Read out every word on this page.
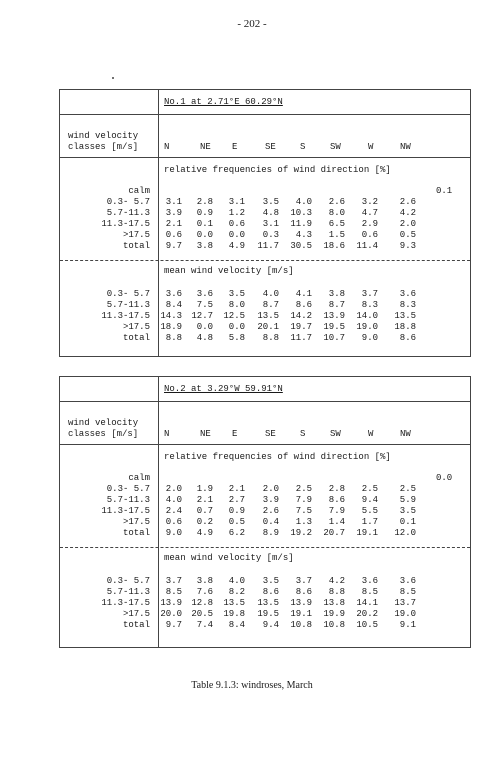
- 202 -
No.1 at 2.71°E 60.29°N
wind velocity
classes [m/s]	N	NE E	SE	S	SW	W	NW
relative frequencies of wind direction [%]
calm	0.1
0.3- 5.7	3.1	2.8	3.1	3.5	4.0	2.6	3.2	2.6
5.7-11.3	3.9	0.9	1.2	4.8	10.3	8.0	4.7	4.2
11.3-17.5	2.1	0.1	0.6	3.1	11.9	6.5	2.9	2.0
>17.5	0.6	0.0	0.0	0.3	4.3	1.5	0.6	0.5
total	9.7	3.8	4.9	11.7	30.5	18.6	11.4	9.3
mean wind velocity [m/s]
0.3- 5.7	3.6	3.6	3.5	4.0	4.1	3.8	3.7	3.6
5.7-11.3	8.4	7.5	8.0	8.7	8.6	8.7	8.3	8.3
11.3-17.5	14.3	12.7	12.5	13.5	14.2	13.9	14.0	13.5
>17.5	18.9	0.0	0.0	20.1	19.7	19.5	19.0	18.8
total	8.8	4.8	5.8	8.8	11.7	10.7	9.0	8.6
No.2 at 3.29°W 59.91°N
wind velocity
classes [m/s]	N	NE E	SE	S	SW	W	NW
relative frequencies of wind direction [%]
calm	0.0
0.3- 5.7	2.0	1.9	2.1	2.0	2.5	2.8	2.5	2.5
5.7-11.3	4.0	2.1	2.7	3.9	7.9	8.6	9.4	5.9
11.3-17.5	2.4	0.7	0.9	2.6	7.5	7.9	5.5	3.5
>17.5	0.6	0.2	0.5	0.4	1.3	1.4	1.7	0.1
total	9.0	4.9	6.2	8.9	19.2	20.7	19.1	12.0
mean wind velocity [m/s]
0.3- 5.7	3.7	3.8	4.0	3.5	3.7	4.2	3.6	3.6
5.7-11.3	8.5	7.6	8.2	8.6	8.6	8.8	8.5	8.5
11.3-17.5	13.9	12.8	13.5	13.5	13.9	13.8	14.1	13.7
>17.5	20.0	20.5	19.8	19.5	19.1	19.9	20.2	19.0
total	9.7	7.4	8.4	9.4	10.8	10.8	10.5	9.1
Table 9.1.3: windroses, March
